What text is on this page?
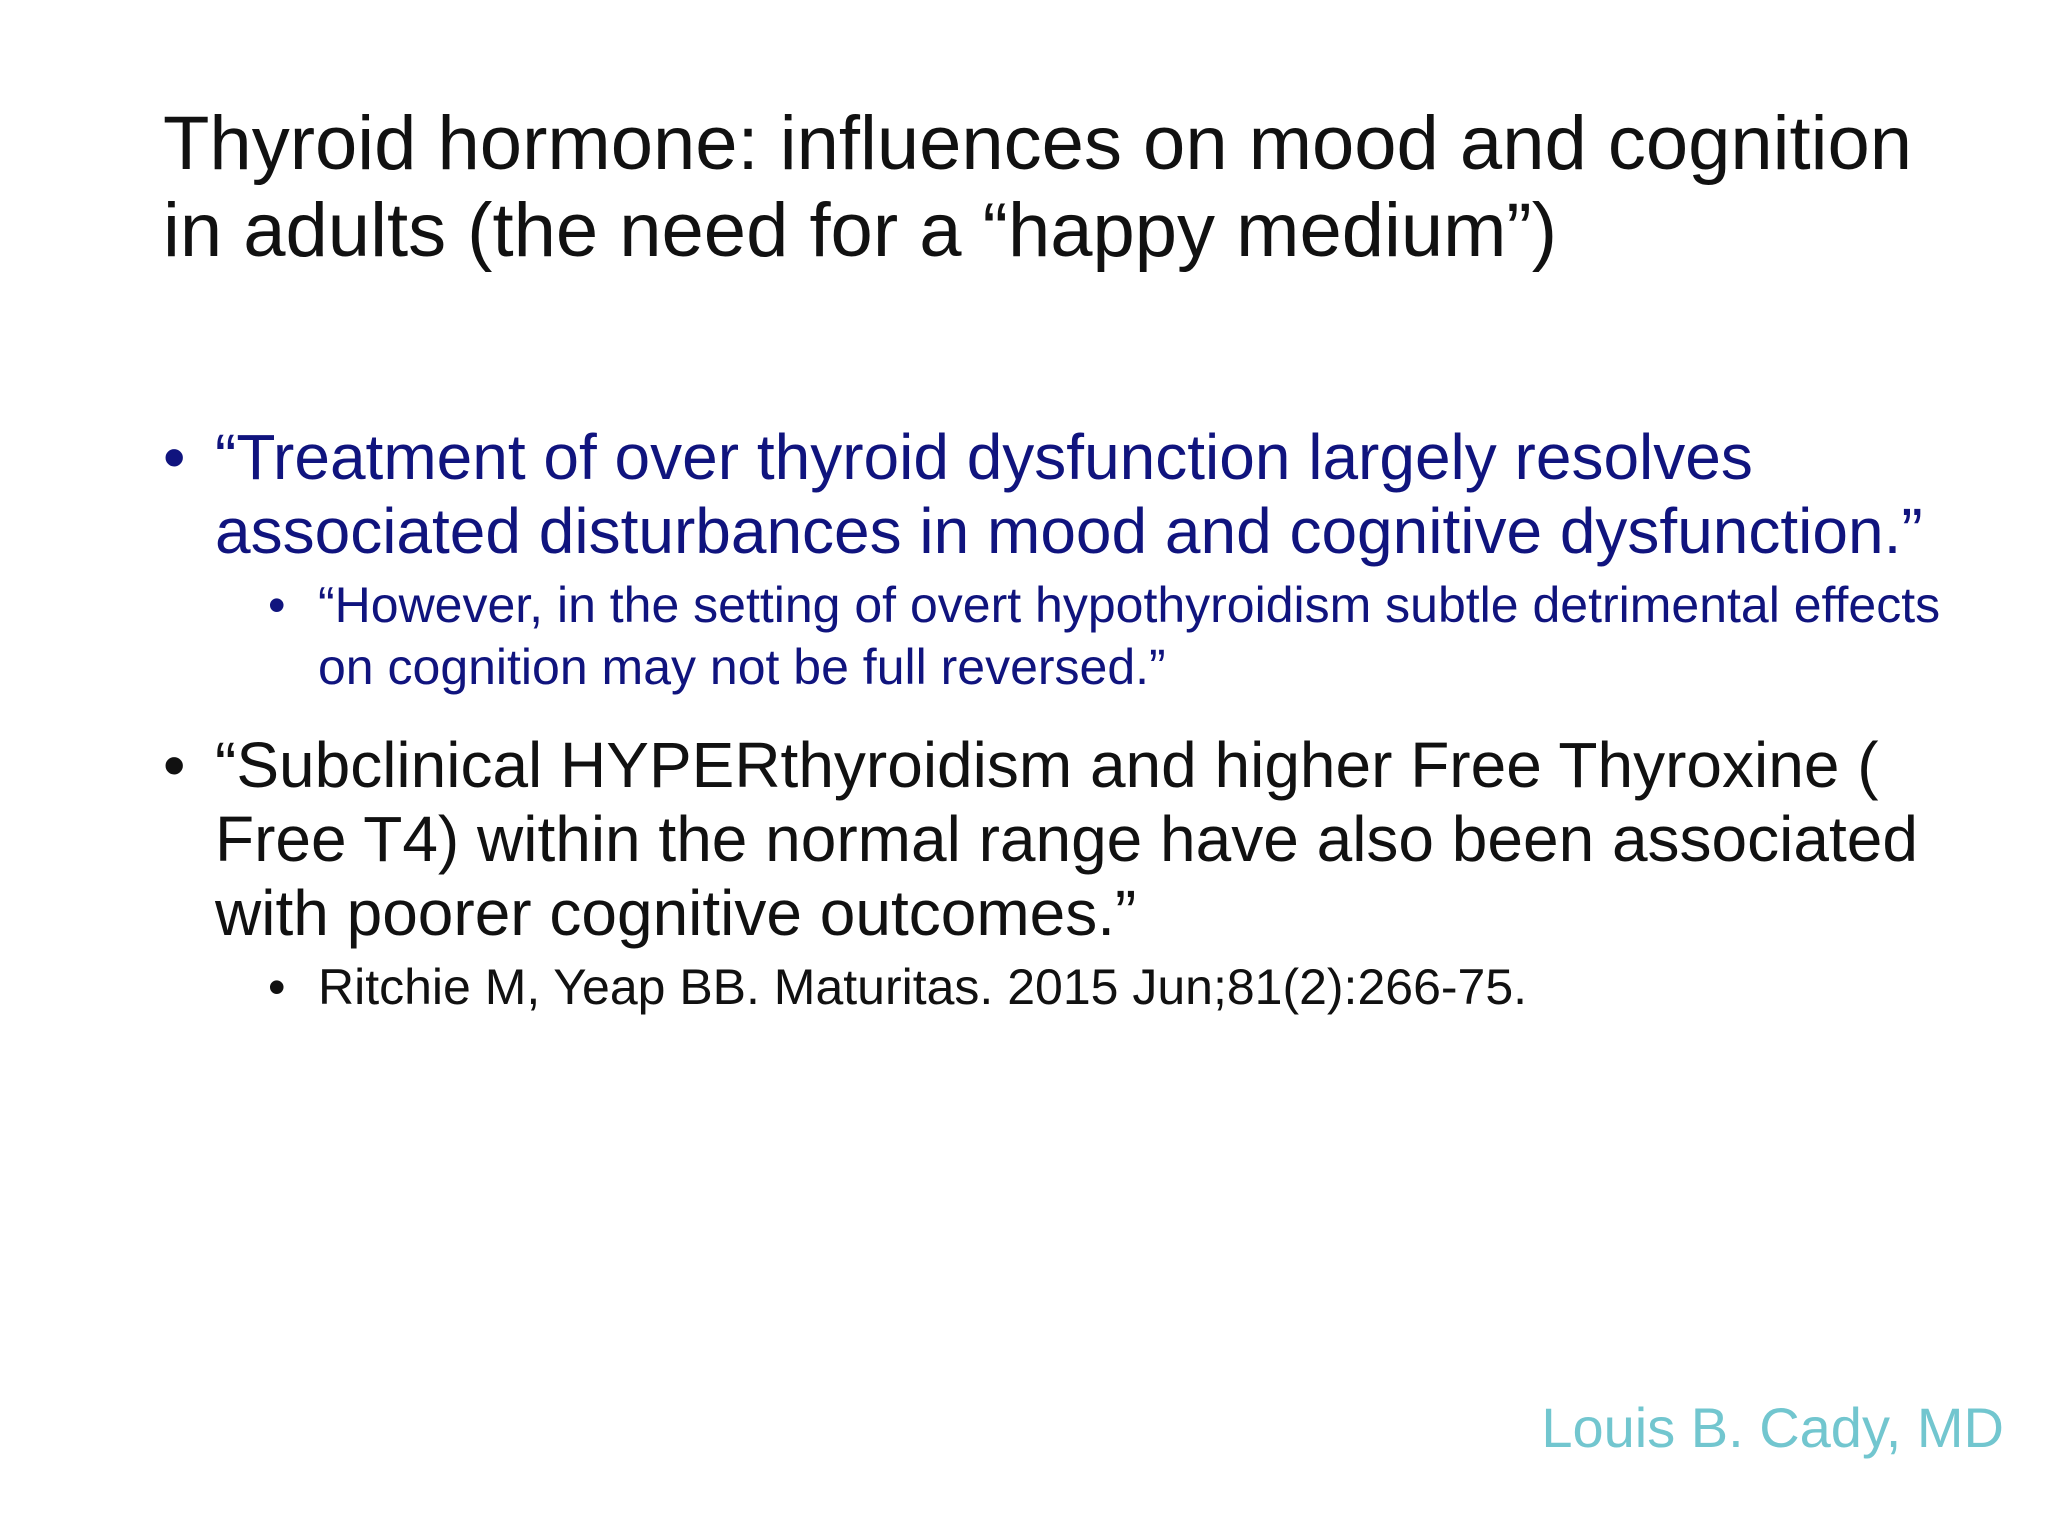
Thyroid hormone: influences on mood and cognition in adults (the need for a “happy medium”)
• “Treatment of over thyroid dysfunction largely resolves associated disturbances in mood and cognitive dysfunction.”
• “However, in the setting of overt hypothyroidism subtle detrimental effects on cognition may not be full reversed.”
• “Subclinical HYPERthyroidism and higher Free Thyroxine ( Free T4) within the normal range have also been associated with poorer cognitive outcomes.”
• Ritchie M, Yeap BB. Maturitas. 2015 Jun;81(2):266-75.
Louis B. Cady, MD
